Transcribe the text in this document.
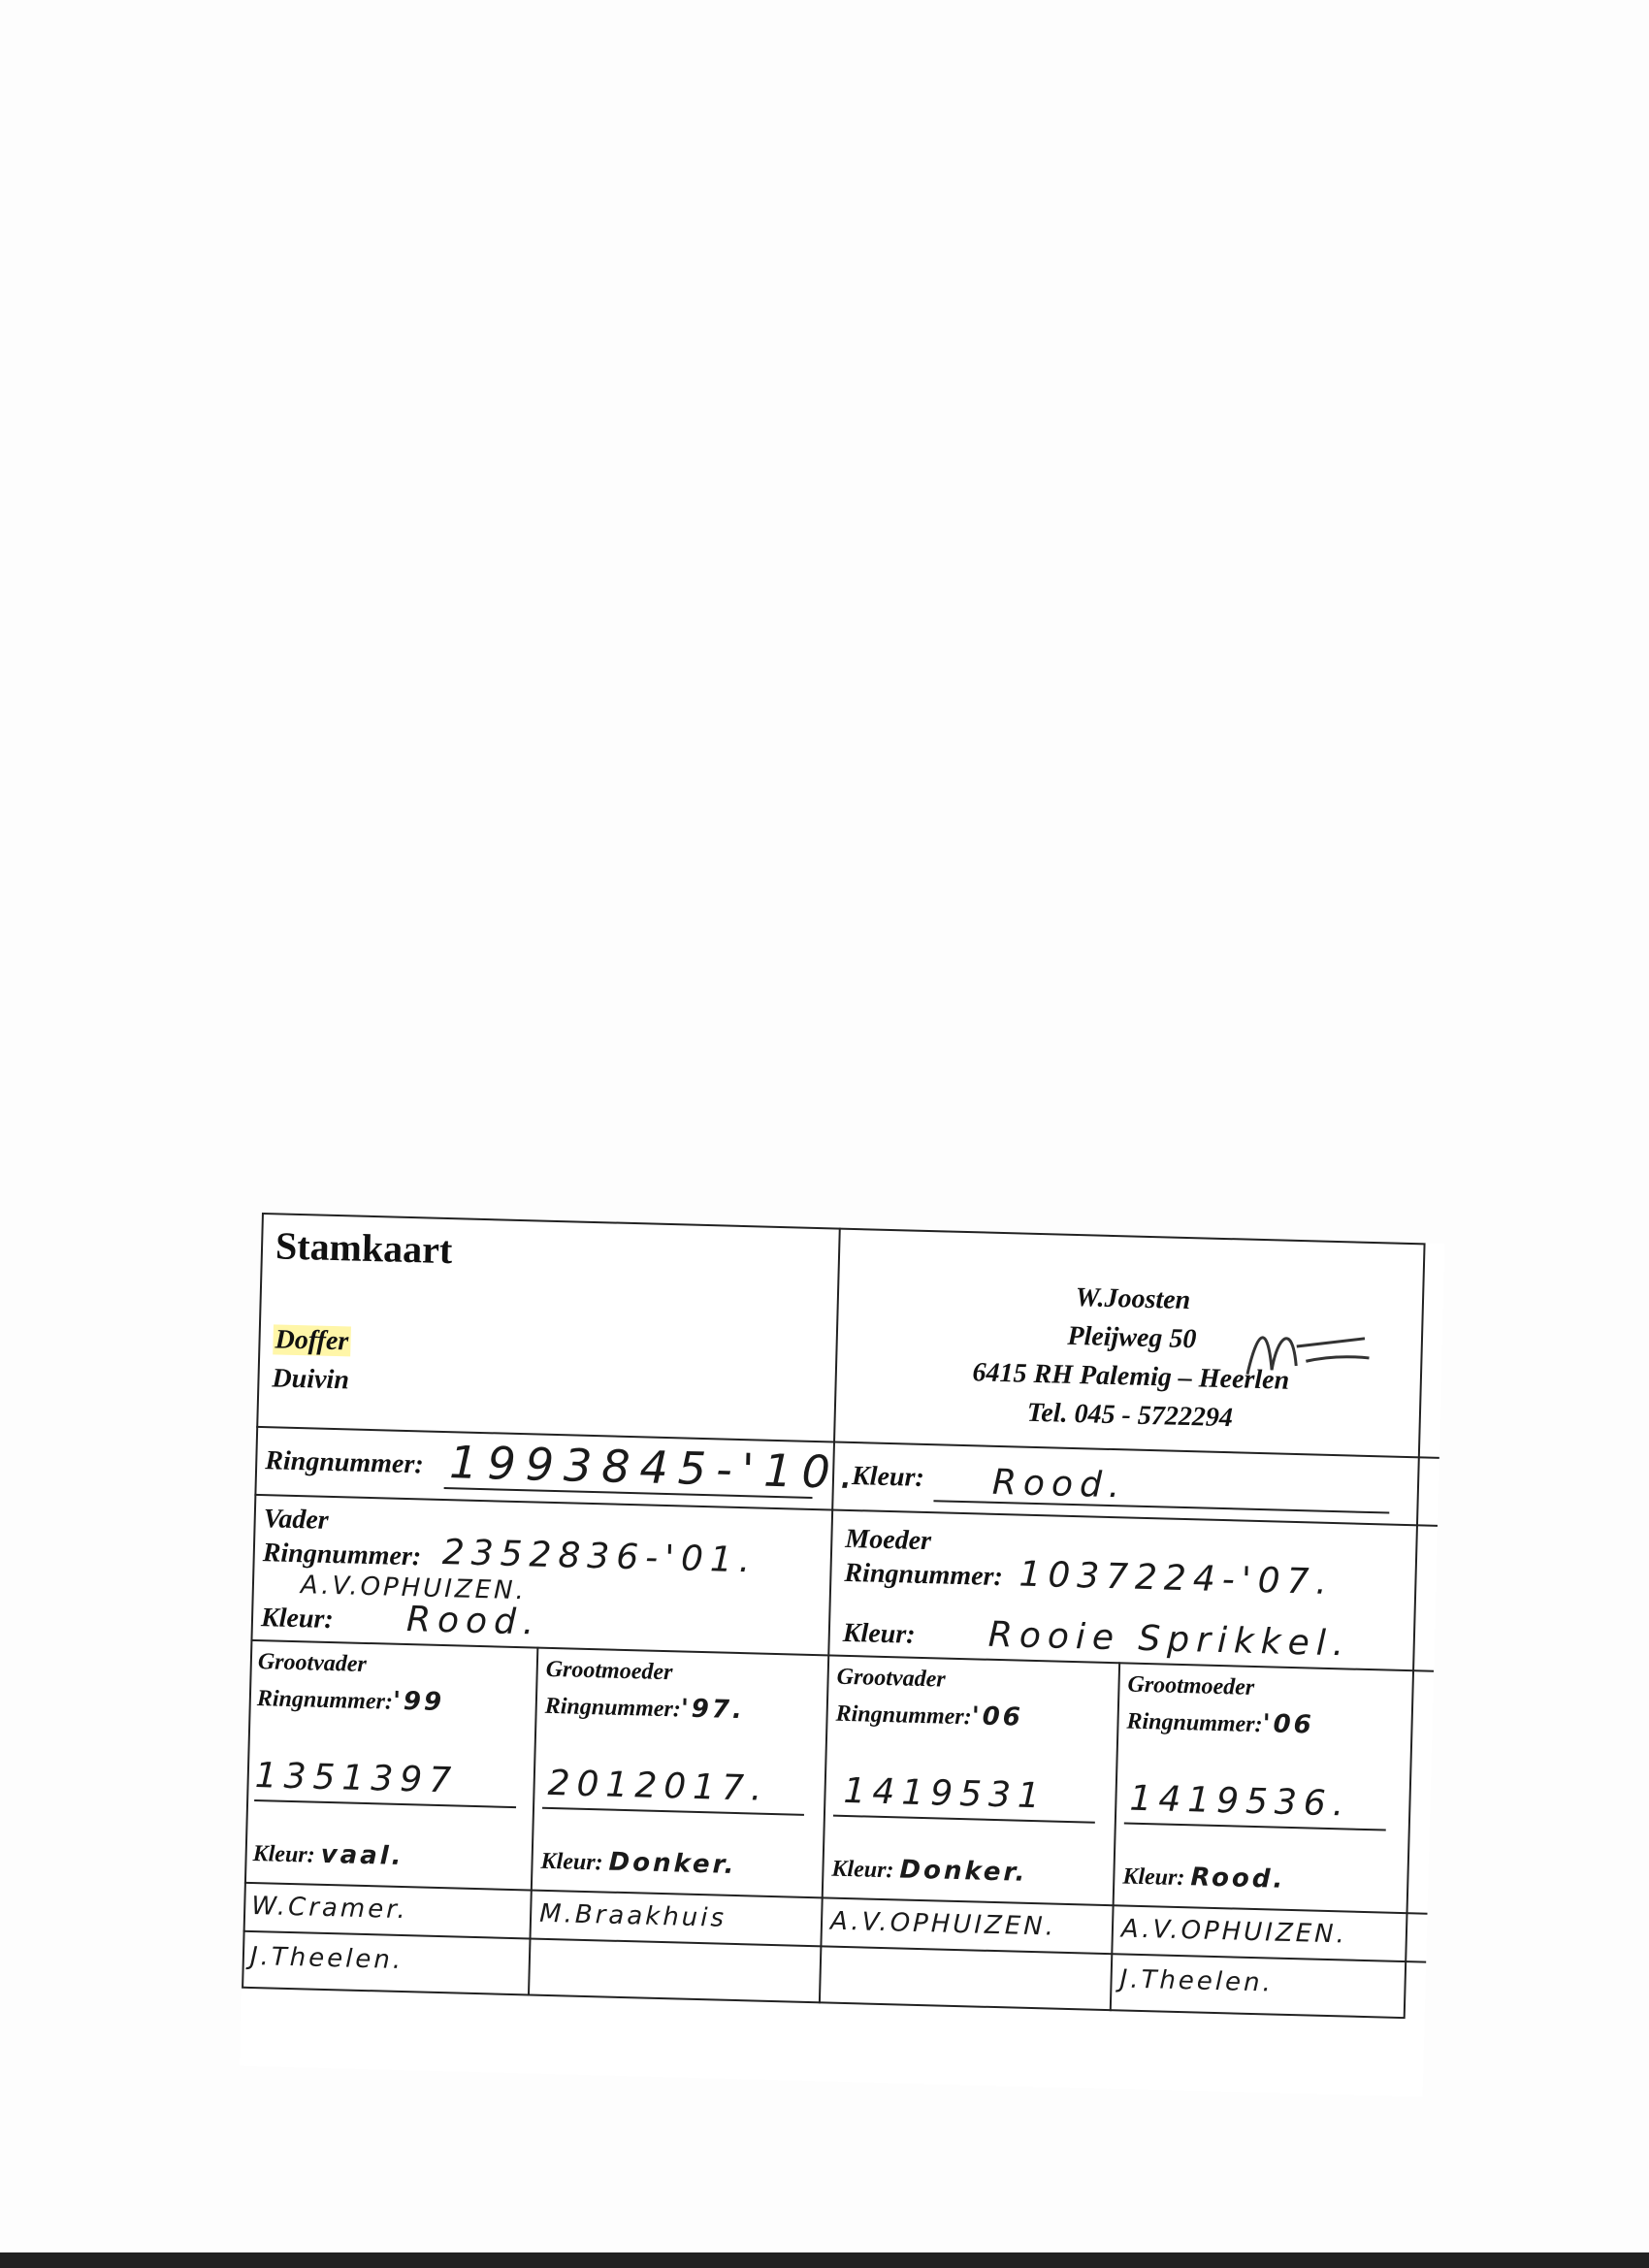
Stamkaart
Doffer
Duivin
W.Joosten
Pleijweg 50
6415 RH Palemig – Heerlen
Tel. 045 - 5722294
Ringnummer: 1993845-'10.
Kleur: Rood.
Vader
Ringnummer: 2352836-'01.
A.V.OPHUIZEN.
Kleur: Rood.
Moeder
Ringnummer: 1037224-'07.
Kleur: Rooie Sprikkel.
Grootvader
Ringnummer:'99
1351397
Kleur: vaal.
W.Cramer.
J.Theelen.
Grootmoeder
Ringnummer:'97.
2012017.
Kleur: Donker.
M.Braakhuis
Grootvader
Ringnummer:'06
1419531
Kleur: Donker.
A.V.OPHUIZEN.
Grootmoeder
Ringnummer:'06
1419536.
Kleur: Rood.
A.V.OPHUIZEN.
J.Theelen.
